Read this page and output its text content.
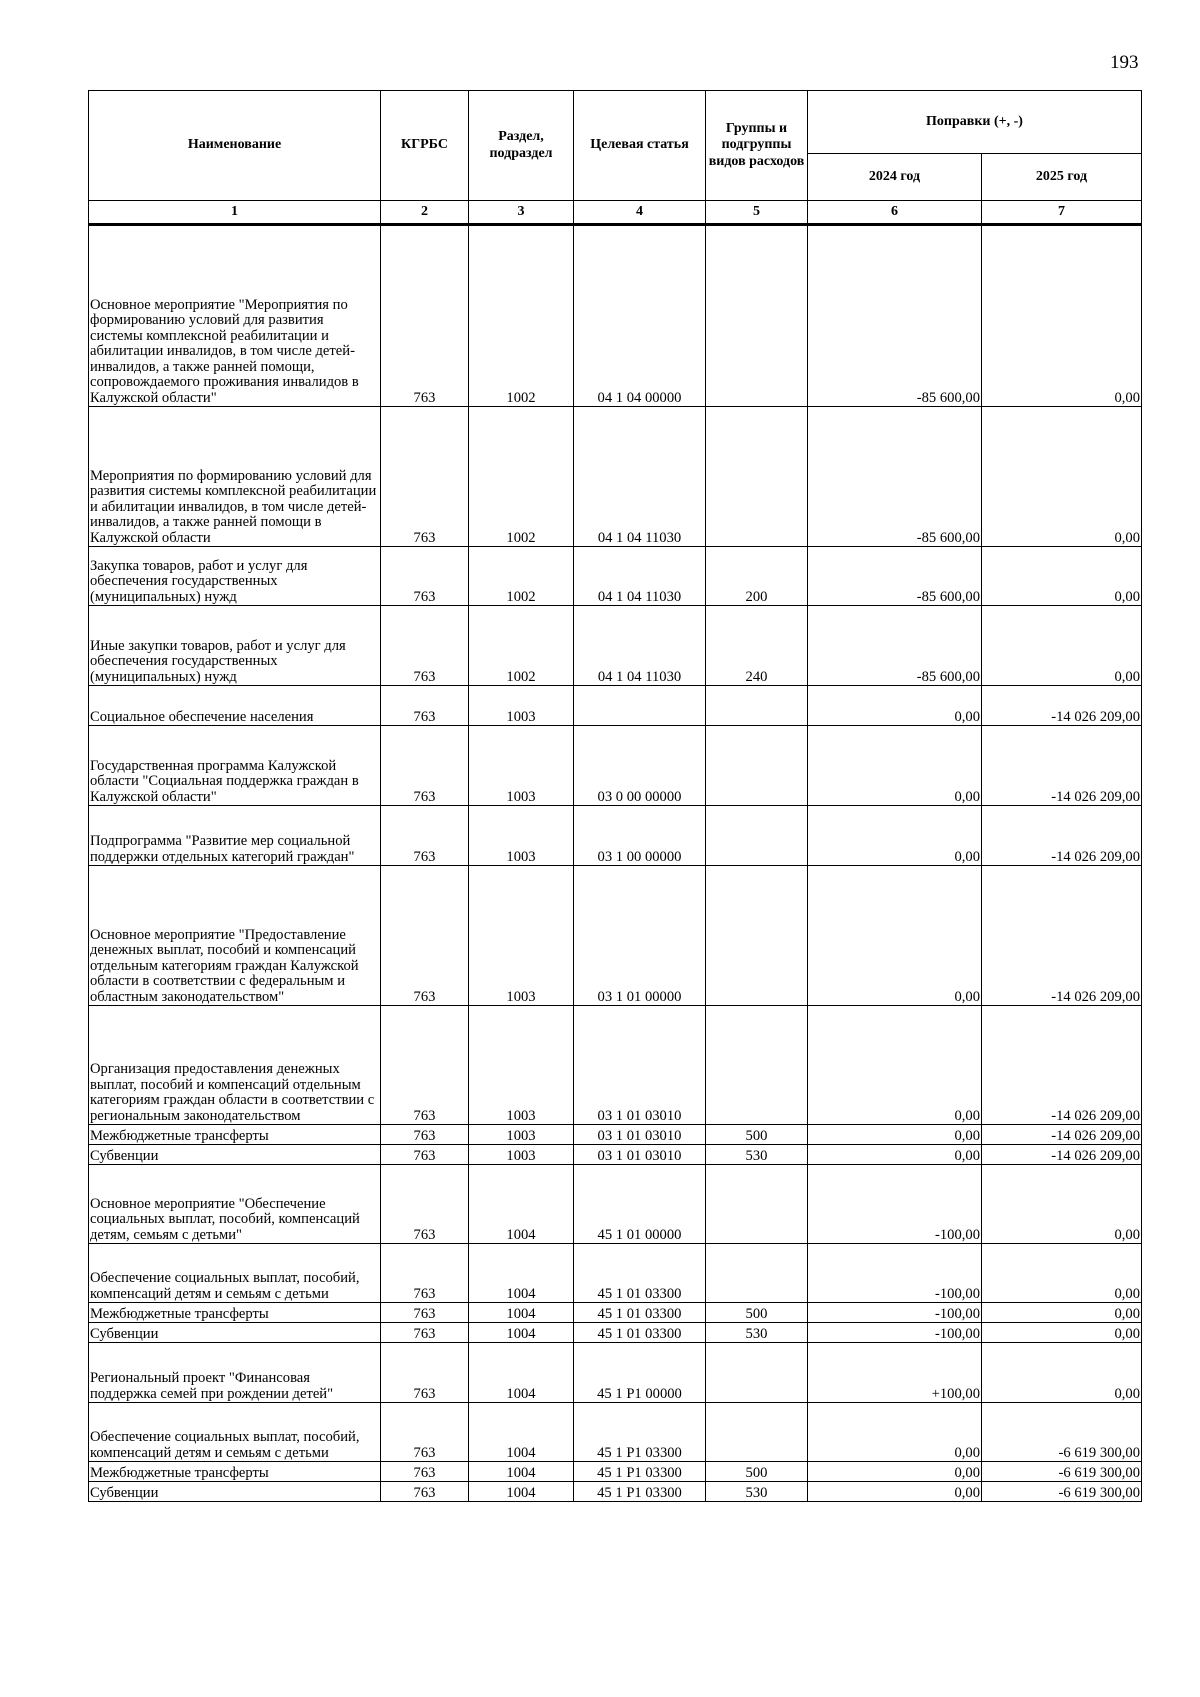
193
Наименование	КГРБС	Раздел, подраздел	Целевая статья	Группы и подгруппы видов расходов	Поправки (+, -)	
					2024 год	2025 год
1	2	3	4	5	6	7
Основное мероприятие "Мероприятия по формированию условий для развития системы комплексной реабилитации и абилитации инвалидов, в том числе детей-инвалидов, а также ранней помощи, сопровождаемого проживания инвалидов в Калужской области"	763	1002	04 1 04 00000		-85 600,00	0,00
Мероприятия по формированию условий для развития системы комплексной реабилитации и абилитации инвалидов, в том числе детей-инвалидов, а также ранней помощи в Калужской области	763	1002	04 1 04 11030		-85 600,00	0,00
Закупка товаров, работ и услуг для обеспечения государственных (муниципальных) нужд	763	1002	04 1 04 11030	200	-85 600,00	0,00
Иные закупки товаров, работ и услуг для обеспечения государственных (муниципальных) нужд	763	1002	04 1 04 11030	240	-85 600,00	0,00
Социальное обеспечение населения	763	1003			0,00	-14 026 209,00
Государственная программа Калужской области "Социальная поддержка граждан в Калужской области"	763	1003	03 0 00 00000		0,00	-14 026 209,00
Подпрограмма "Развитие мер социальной поддержки отдельных категорий граждан"	763	1003	03 1 00 00000		0,00	-14 026 209,00
Основное мероприятие "Предоставление денежных выплат, пособий и компенсаций отдельным категориям граждан Калужской области в соответствии с федеральным и областным законодательством"	763	1003	03 1 01 00000		0,00	-14 026 209,00
Организация предоставления денежных выплат, пособий и компенсаций отдельным категориям граждан области в соответствии с региональным законодательством	763	1003	03 1 01 03010		0,00	-14 026 209,00
Межбюджетные трансферты	763	1003	03 1 01 03010	500	0,00	-14 026 209,00
Субвенции	763	1003	03 1 01 03010	530	0,00	-14 026 209,00
Основное мероприятие "Обеспечение социальных выплат, пособий, компенсаций детям, семьям с детьми"	763	1004	45 1 01 00000		-100,00	0,00
Обеспечение социальных выплат, пособий, компенсаций детям и семьям с детьми	763	1004	45 1 01 03300		-100,00	0,00
Межбюджетные трансферты	763	1004	45 1 01 03300	500	-100,00	0,00
Субвенции	763	1004	45 1 01 03300	530	-100,00	0,00
Региональный проект "Финансовая поддержка семей при рождении детей"	763	1004	45 1 P1 00000		+100,00	0,00
Обеспечение социальных выплат, пособий, компенсаций детям и семьям с детьми	763	1004	45 1 P1 03300		0,00	-6 619 300,00
Межбюджетные трансферты	763	1004	45 1 P1 03300	500	0,00	-6 619 300,00
Субвенции	763	1004	45 1 P1 03300	530	0,00	-6 619 300,00
